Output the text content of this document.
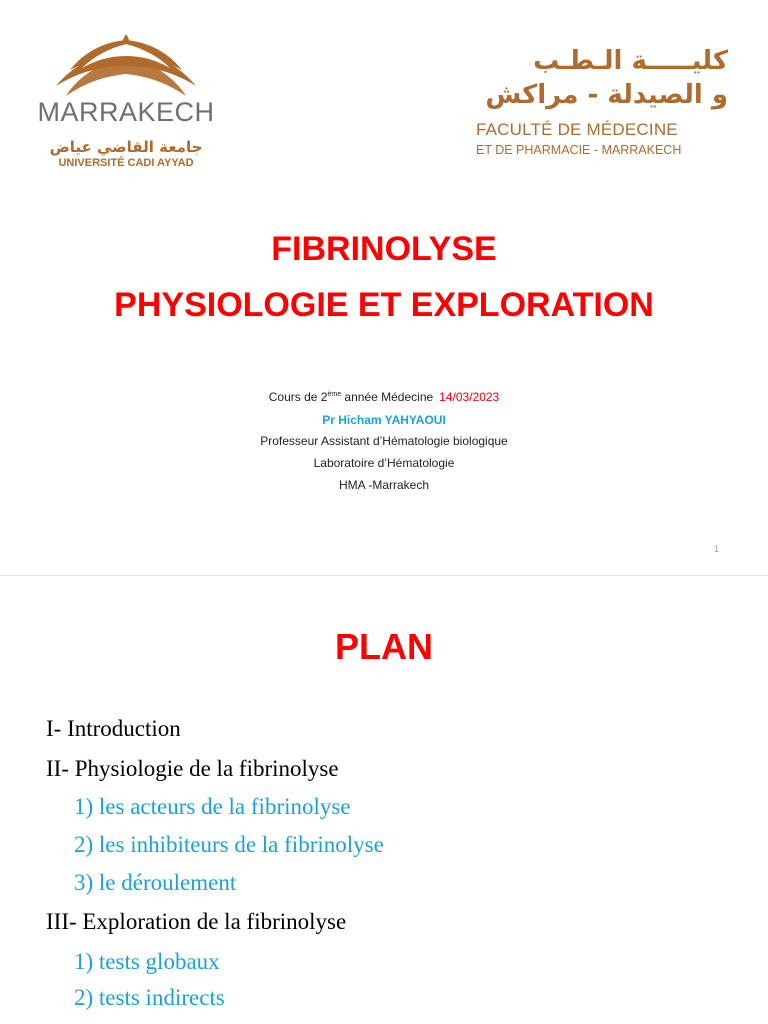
MARRAKECH
جامعة القاضي عياض
UNIVERSITÉ CADI AYYAD
كليـــــة الـطـب
و الصيدلة - مراكش
FACULTÉ DE MÉDECINE
ET DE PHARMACIE - MARRAKECH
FIBRINOLYSE
PHYSIOLOGIE ET EXPLORATION
Cours de 2ème année Médecine 14/03/2023
Pr Hicham YAHYAOUI
Professeur Assistant d’Hématologie biologique
Laboratoire d’Hématologie
HMA -Marrakech
1
PLAN
I- Introduction
II- Physiologie de la fibrinolyse
1) les acteurs de la fibrinolyse
2) les inhibiteurs de la fibrinolyse
3) le déroulement
III- Exploration de la fibrinolyse
1) tests globaux
2) tests indirects
